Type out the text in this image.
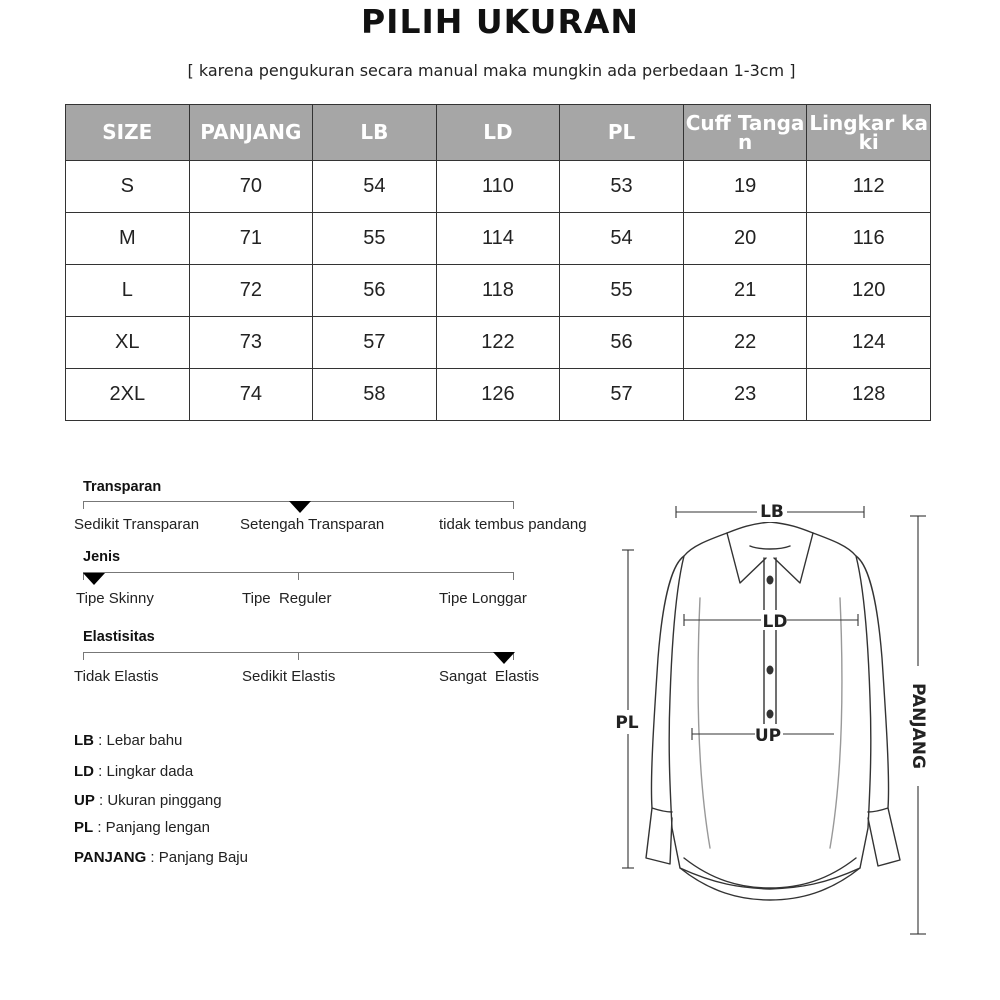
PILIH UKURAN
[ karena pengukuran secara manual maka mungkin ada perbedaan 1-3cm ]
SIZE	PANJANG	LB	LD	PL	Cuff Tangan	Lingkar kaki
S	70	54	110	53	19	112
M	71	55	114	54	20	116
L	72	56	118	55	21	120
XL	73	57	122	56	22	124
2XL	74	58	126	57	23	128
Transparan
Sedikit Transparan	Setengah Transparan	tidak tembus pandang
Jenis
Tipe Skinny	Tipe  Reguler	Tipe Longgar
Elastisitas
Tidak Elastis	Sedikit Elastis	Sangat  Elastis
LB : Lebar bahu
LD : Lingkar dada
UP : Ukuran pinggang
PL : Panjang lengan
PANJANG : Panjang Baju
LB
LD
UP
PL	PANJANG
